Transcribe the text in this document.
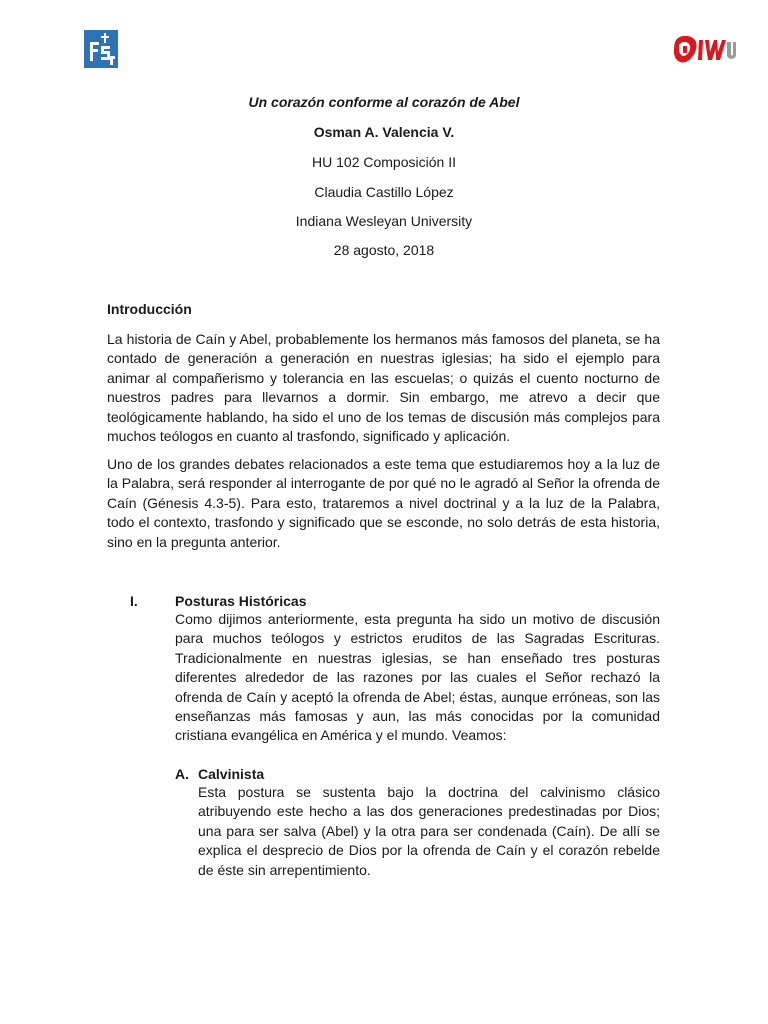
Un corazón conforme al corazón de Abel
Osman A. Valencia V.
HU 102 Composición II
Claudia Castillo López
Indiana Wesleyan University
28 agosto, 2018
Introducción

La historia de Caín y Abel, probablemente los hermanos más famosos del planeta, se ha contado de generación a generación en nuestras iglesias; ha sido el ejemplo para animar al compañerismo y tolerancia en las escuelas; o quizás el cuento nocturno de nuestros padres para llevarnos a dormir. Sin embargo, me atrevo a decir que teológicamente hablando, ha sido el uno de los temas de discusión más complejos para muchos teólogos en cuanto al trasfondo, significado y aplicación.

Uno de los grandes debates relacionados a este tema que estudiaremos hoy a la luz de la Palabra, será responder al interrogante de por qué no le agradó al Señor la ofrenda de Caín (Génesis 4.3-5). Para esto, trataremos a nivel doctrinal y a la luz de la Palabra, todo el contexto, trasfondo y significado que se esconde, no solo detrás de esta historia, sino en la pregunta anterior.

I.	Posturas Históricas

Como dijimos anteriormente, esta pregunta ha sido un motivo de discusión para muchos teólogos y estrictos eruditos de las Sagradas Escrituras. Tradicionalmente en nuestras iglesias, se han enseñado tres posturas diferentes alrededor de las razones por las cuales el Señor rechazó la ofrenda de Caín y aceptó la ofrenda de Abel; éstas, aunque erróneas, son las enseñanzas más famosas y aun, las más conocidas por la comunidad cristiana evangélica en América y el mundo. Veamos:

A. Calvinista

Esta postura se sustenta bajo la doctrina del calvinismo clásico atribuyendo este hecho a las dos generaciones predestinadas por Dios; una para ser salva (Abel) y la otra para ser condenada (Caín). De allí se explica el desprecio de Dios por la ofrenda de Caín y el corazón rebelde de éste sin arrepentimiento.
